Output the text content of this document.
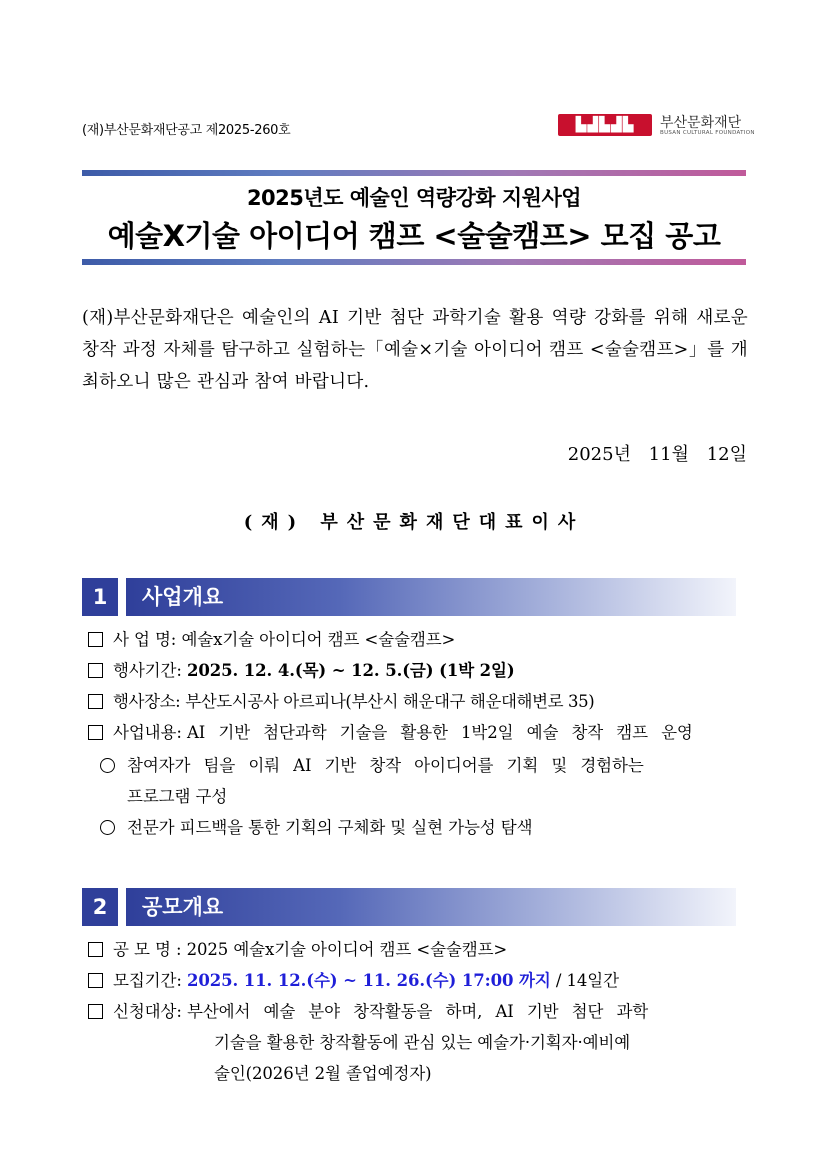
(재)부산문화재단공고 제2025-260호	▙▟▙▟▙	부산문화재단
BUSAN CULTURAL FOUNDATION
2025년도 예술인 역량강화 지원사업
예술X기술 아이디어 캠프 <술술캠프> 모집 공고
(재)부산문화재단은 예술인의 AI 기반 첨단 과학기술 활용 역량 강화를 위해 새로운 창작 과정 자체를 탐구하고 실험하는「예술×기술 아이디어 캠프 <술술캠프>」를 개최하오니 많은 관심과 참여 바랍니다.
2025년 11월 12일
(재) 부산문화재단대표이사
1	사업개요
사 업 명: 예술x기술 아이디어 캠프 <술술캠프>
행사기간: 2025. 12. 4.(목) ~ 12. 5.(금) (1박 2일)
행사장소: 부산도시공사 아르피나(부산시 해운대구 해운대해변로 35)
사업내용: AI 기반 첨단과학 기술을 활용한 1박2일 예술 창작 캠프 운영
참여자가 팀을 이뤄 AI 기반 창작 아이디어를 기획 및 경험하는
프로그램 구성
전문가 피드백을 통한 기획의 구체화 및 실현 가능성 탐색
2	공모개요
공 모 명 : 2025 예술x기술 아이디어 캠프 <술술캠프>
모집기간: 2025. 11. 12.(수) ~ 11. 26.(수) 17:00 까지 / 14일간
신청대상: 부산에서 예술 분야 창작활동을 하며, AI 기반 첨단 과학
기술을 활용한 창작활동에 관심 있는 예술가·기획자·예비예
술인(2026년 2월 졸업예정자)
